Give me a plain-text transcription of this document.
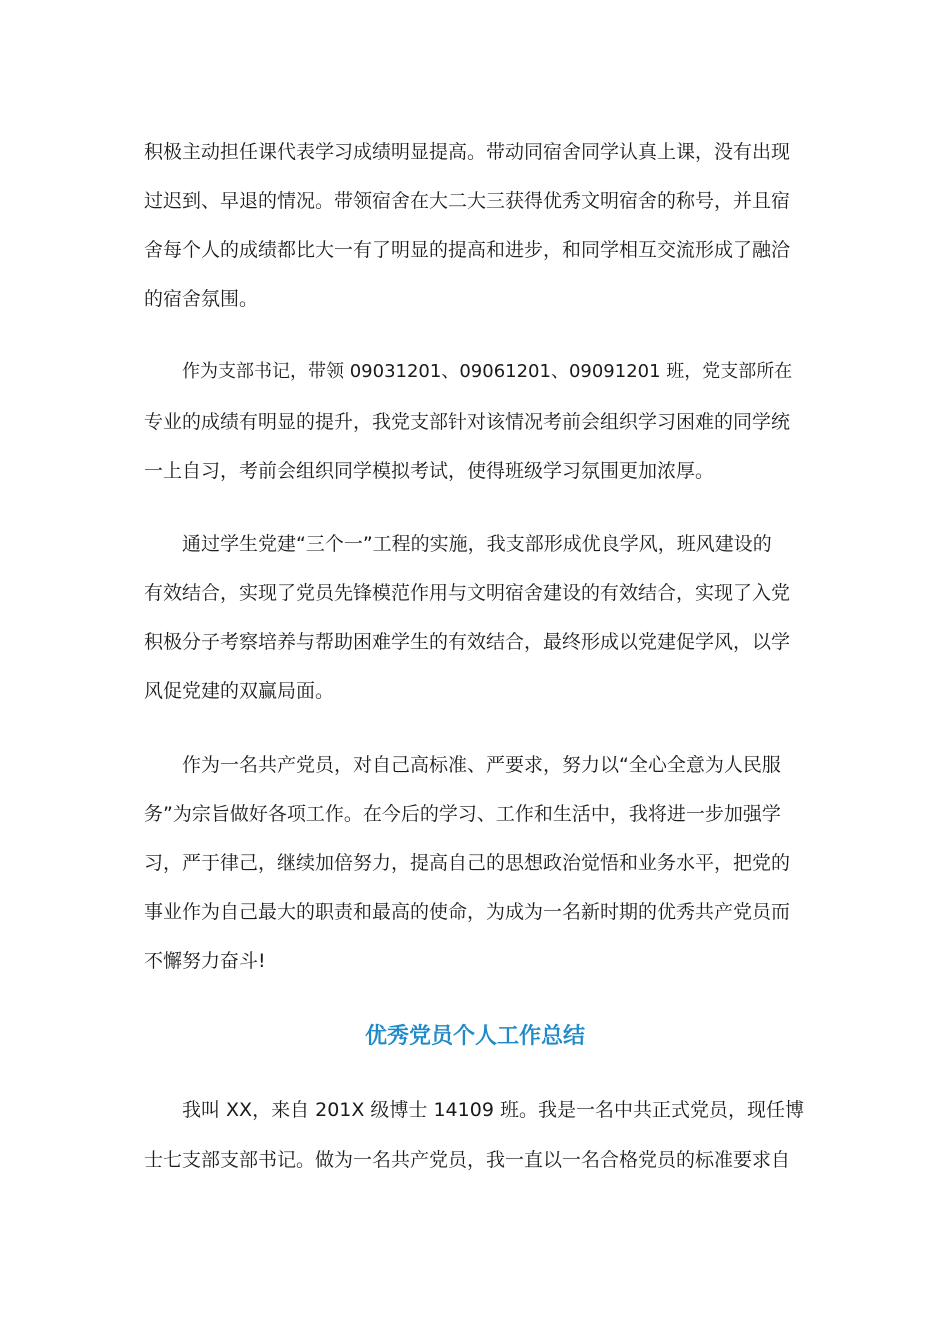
积极主动担任课代表学习成绩明显提高。带动同宿舍同学认真上课，没有出现
过迟到、早退的情况。带领宿舍在大二大三获得优秀文明宿舍的称号，并且宿
舍每个人的成绩都比大一有了明显的提高和进步，和同学相互交流形成了融洽
的宿舍氛围。
作为支部书记，带领 09031201、09061201、09091201 班，党支部所在
专业的成绩有明显的提升，我党支部针对该情况考前会组织学习困难的同学统
一上自习，考前会组织同学模拟考试，使得班级学习氛围更加浓厚。
通过学生党建“三个一”工程的实施，我支部形成优良学风，班风建设的
有效结合，实现了党员先锋模范作用与文明宿舍建设的有效结合，实现了入党
积极分子考察培养与帮助困难学生的有效结合，最终形成以党建促学风，以学
风促党建的双赢局面。
作为一名共产党员，对自己高标准、严要求，努力以“全心全意为人民服
务”为宗旨做好各项工作。在今后的学习、工作和生活中，我将进一步加强学
习，严于律己，继续加倍努力，提高自己的思想政治觉悟和业务水平，把党的
事业作为自己最大的职责和最高的使命，为成为一名新时期的优秀共产党员而
不懈努力奋斗!
优秀党员个人工作总结
我叫 XX，来自 201X 级博士 14109 班。我是一名中共正式党员，现任博
士七支部支部书记。做为一名共产党员，我一直以一名合格党员的标准要求自
